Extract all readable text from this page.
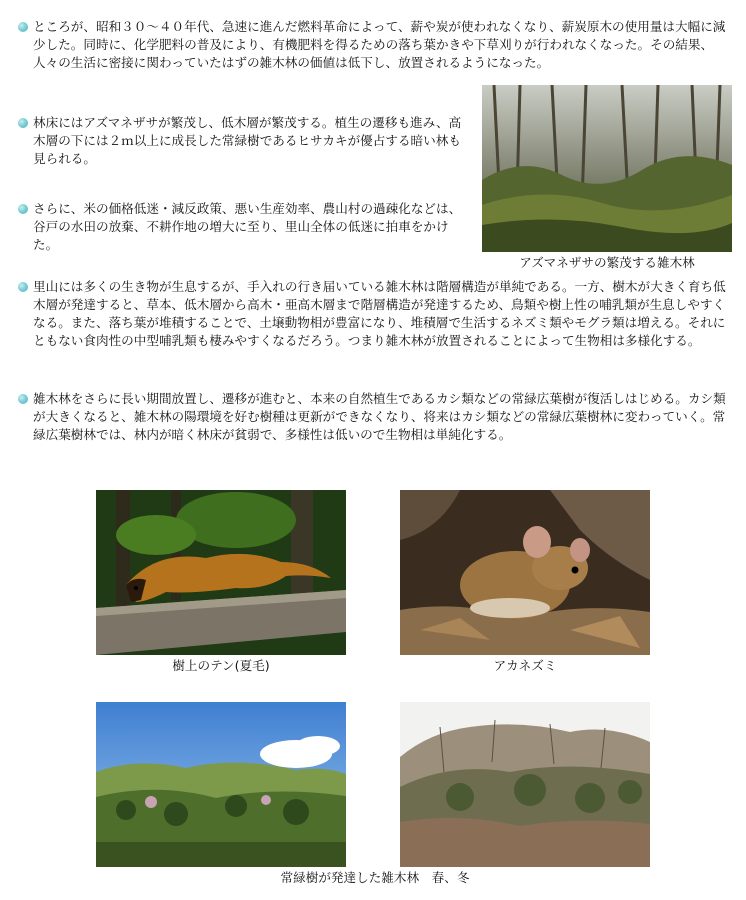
ところが、昭和３０〜４０年代、急速に進んだ燃料革命によって、薪や炭が使われなくなり、薪炭原木の使用量は大幅に減少した。同時に、化学肥料の普及により、有機肥料を得るための落ち葉かきや下草刈りが行われなくなった。その結果、人々の生活に密接に関わっていたはずの雑木林の価値は低下し、放置されるようになった。
林床にはアズマネザサが繁茂し、低木層が繁茂する。植生の遷移も進み、高木層の下には２ｍ以上に成長した常緑樹であるヒサカキが優占する暗い林も見られる。
さらに、米の価格低迷・減反政策、悪い生産効率、農山村の過疎化などは、谷戸の水田の放棄、不耕作地の増大に至り、里山全体の低迷に拍車をかけた。

アズマネザサの繁茂する雑木林

里山には多くの生き物が生息するが、手入れの行き届いている雑木林は階層構造が単純である。一方、樹木が大きく育ち低木層が発達すると、草本、低木層から高木・亜高木層まで階層構造が発達するため、鳥類や樹上性の哺乳類が生息しやすくなる。また、落ち葉が堆積することで、土壌動物相が豊富になり、堆積層で生活するネズミ類やモグラ類は増える。それにともない食肉性の中型哺乳類も棲みやすくなるだろう。つまり雑木林が放置されることによって生物相は多様化する。
雑木林をさらに長い期間放置し、遷移が進むと、本来の自然植生であるカシ類などの常緑広葉樹が復活しはじめる。カシ類が大きくなると、雑木林の陽環境を好む樹種は更新ができなくなり、将来はカシ類などの常緑広葉樹林に変わっていく。常緑広葉樹林では、林内が暗く林床が貧弱で、多様性は低いので生物相は単純化する。

樹上のテン(夏毛)	アカネズミ

常緑樹が発達した雑木林　春、冬
